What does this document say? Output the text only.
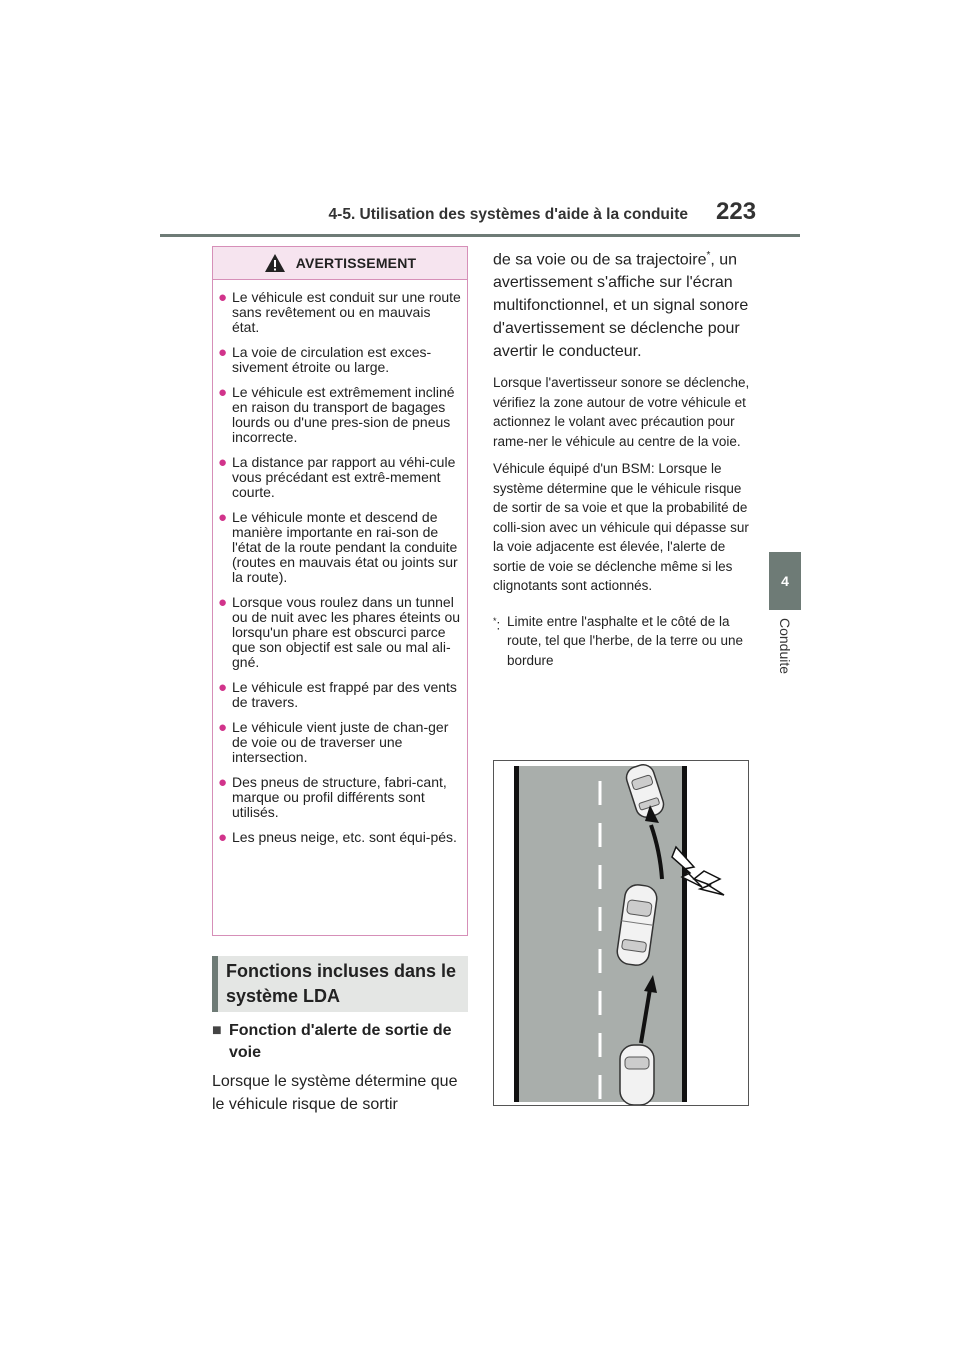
4-5. Utilisation des systèmes d'aide à la conduite 223
4
Conduite
AVERTISSEMENT
● Le véhicule est conduit sur une route sans revêtement ou en mauvais état.
● La voie de circulation est exces-sivement étroite ou large.
● Le véhicule est extrêmement incliné en raison du transport de bagages lourds ou d'une pres-sion de pneus incorrecte.
● La distance par rapport au véhi-cule vous précédant est extrê-mement courte.
● Le véhicule monte et descend de manière importante en rai-son de l'état de la route pendant la conduite (routes en mauvais état ou joints sur la route).
● Lorsque vous roulez dans un tunnel ou de nuit avec les phares éteints ou lorsqu'un phare est obscurci parce que son objectif est sale ou mal ali-gné.
● Le véhicule est frappé par des vents de travers.
● Le véhicule vient juste de chan-ger de voie ou de traverser une intersection.
● Des pneus de structure, fabri-cant, marque ou profil différents sont utilisés.
● Les pneus neige, etc. sont équi-pés.
Fonctions incluses dans le système LDA
■ Fonction d'alerte de sortie de voie
Lorsque le système détermine que le véhicule risque de sortir

de sa voie ou de sa trajectoire*, un avertissement s'affiche sur l'écran multifonctionnel, et un signal sonore d'avertissement se déclenche pour avertir le conducteur.

Lorsque l'avertisseur sonore se déclenche, vérifiez la zone autour de votre véhicule et actionnez le volant avec précaution pour rame-ner le véhicule au centre de la voie.

Véhicule équipé d'un BSM: Lorsque le système détermine que le véhicule risque de sortir de sa voie et que la probabilité de colli-sion avec un véhicule qui dépasse sur la voie adjacente est élevée, l'alerte de sortie de voie se déclenche même si les clignotants sont actionnés.

*: Limite entre l'asphalte et le côté de la route, tel que l'herbe, de la terre ou une bordure
